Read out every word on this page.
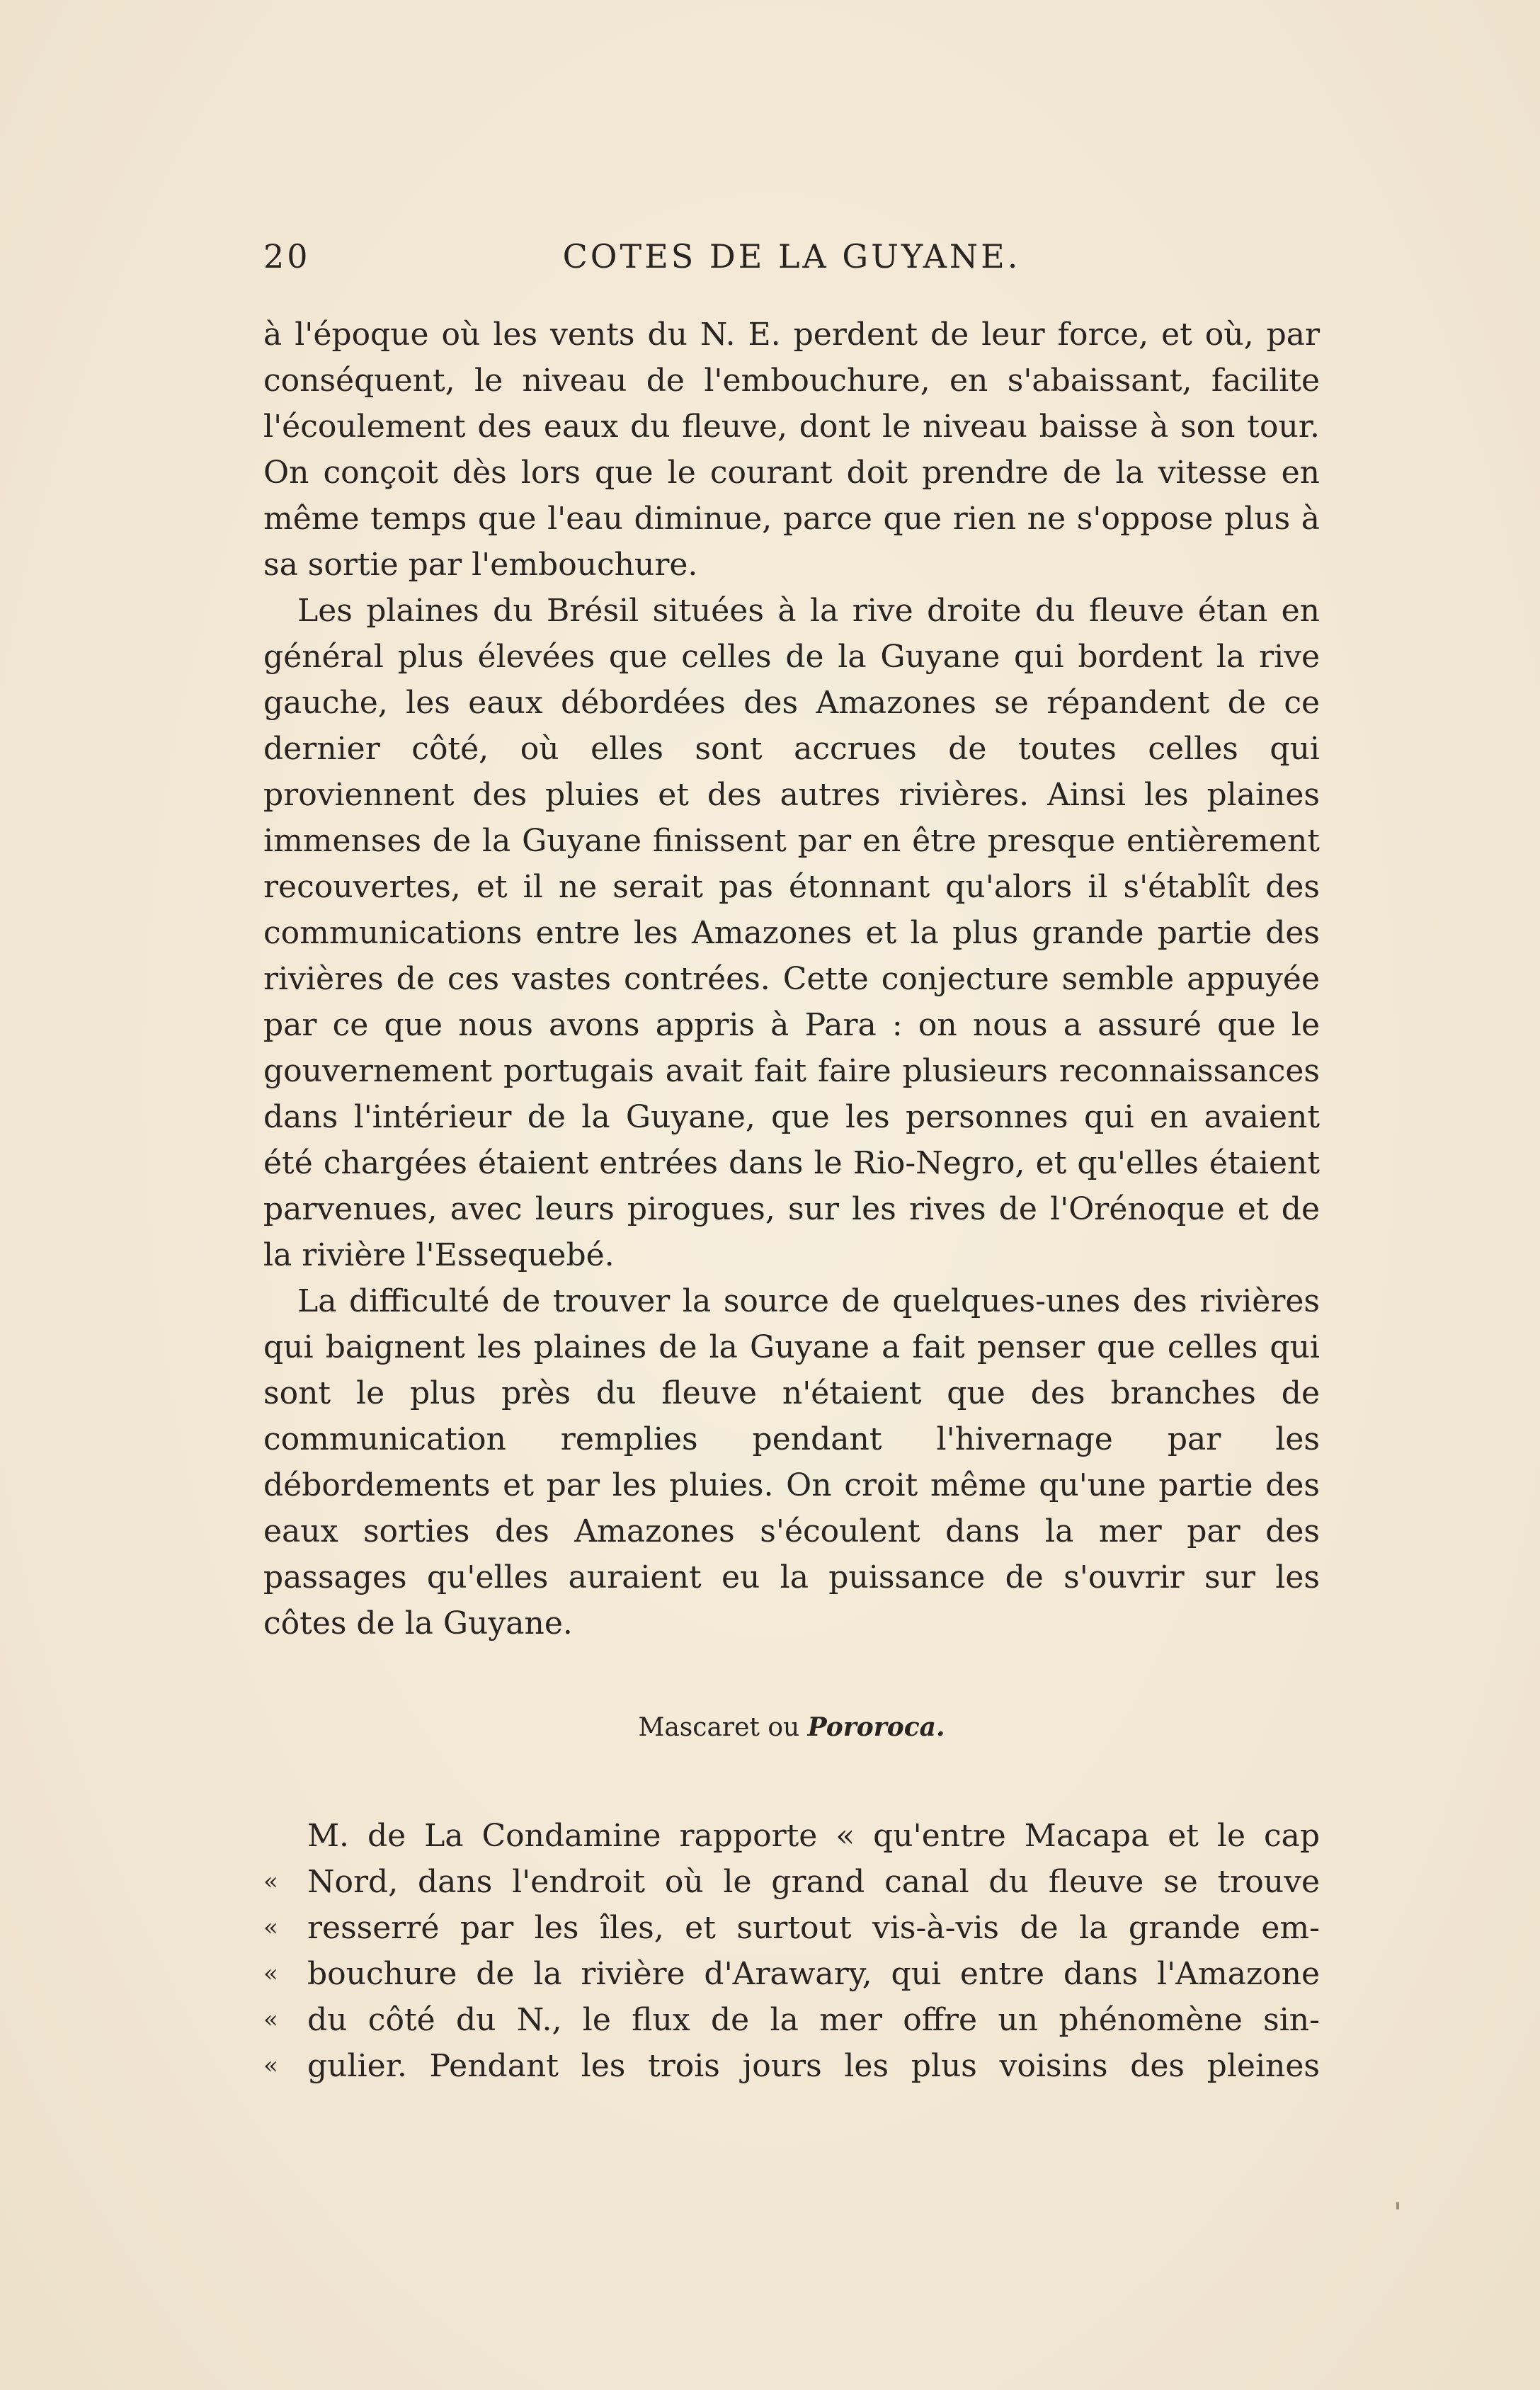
20	COTES DE LA GUYANE.

à l'époque où les vents du N. E. perdent de leur force, et où, par conséquent, le niveau de l'embouchure, en s'abaissant, facilite l'écoulement des eaux du fleuve, dont le niveau baisse à son tour. On conçoit dès lors que le courant doit prendre de la vitesse en même temps que l'eau diminue, parce que rien ne s'oppose plus à sa sortie par l'embouchure.

Les plaines du Brésil situées à la rive droite du fleuve étan en général plus élevées que celles de la Guyane qui bordent la rive gauche, les eaux débordées des Amazones se répandent de ce dernier côté, où elles sont accrues de toutes celles qui proviennent des pluies et des autres rivières. Ainsi les plaines immenses de la Guyane finissent par en être presque entièrement recouvertes, et il ne serait pas étonnant qu'alors il s'établît des communications entre les Amazones et la plus grande partie des rivières de ces vastes contrées. Cette conjecture semble appuyée par ce que nous avons appris à Para : on nous a assuré que le gouvernement portugais avait fait faire plusieurs reconnaissances dans l'intérieur de la Guyane, que les personnes qui en avaient été chargées étaient entrées dans le Rio-Negro, et qu'elles étaient parvenues, avec leurs pirogues, sur les rives de l'Orénoque et de la rivière l'Essequebé.

La difficulté de trouver la source de quelques-unes des rivières qui baignent les plaines de la Guyane a fait penser que celles qui sont le plus près du fleuve n'étaient que des branches de communication remplies pendant l'hivernage par les débordements et par les pluies. On croit même qu'une partie des eaux sorties des Amazones s'écoulent dans la mer par des passages qu'elles auraient eu la puissance de s'ouvrir sur les côtes de la Guyane.

Mascaret ou Pororoca.
M. de La Condamine rapporte « qu'entre Macapa et le cap
« Nord, dans l'endroit où le grand canal du fleuve se trouve
« resserré par les îles, et surtout vis-à-vis de la grande em-
« bouchure de la rivière d'Arawary, qui entre dans l'Amazone
« du côté du N., le flux de la mer offre un phénomène sin-
« gulier. Pendant les trois jours les plus voisins des pleines
